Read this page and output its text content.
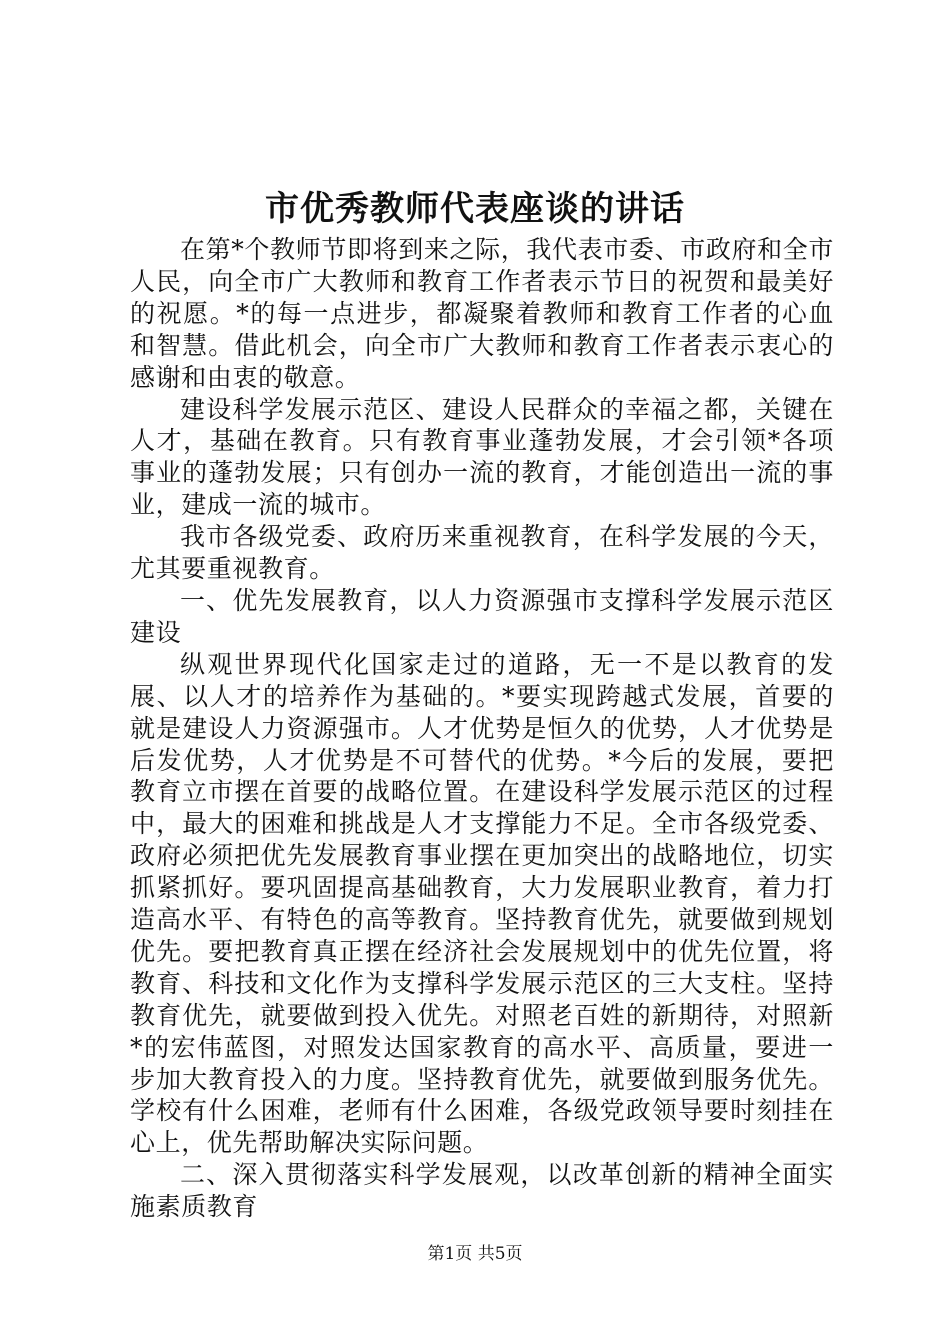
市优秀教师代表座谈的讲话

在第*个教师节即将到来之际，我代表市委、市政府和全市人民，向全市广大教师和教育工作者表示节日的祝贺和最美好的祝愿。*的每一点进步，都凝聚着教师和教育工作者的心血和智慧。借此机会，向全市广大教师和教育工作者表示衷心的感谢和由衷的敬意。

建设科学发展示范区、建设人民群众的幸福之都，关键在人才，基础在教育。只有教育事业蓬勃发展，才会引领*各项事业的蓬勃发展；只有创办一流的教育，才能创造出一流的事业，建成一流的城市。

我市各级党委、政府历来重视教育，在科学发展的今天，尤其要重视教育。

一、优先发展教育，以人力资源强市支撑科学发展示范区建设

纵观世界现代化国家走过的道路，无一不是以教育的发展、以人才的培养作为基础的。*要实现跨越式发展，首要的就是建设人力资源强市。人才优势是恒久的优势，人才优势是后发优势，人才优势是不可替代的优势。*今后的发展，要把教育立市摆在首要的战略位置。在建设科学发展示范区的过程中，最大的困难和挑战是人才支撑能力不足。全市各级党委、政府必须把优先发展教育事业摆在更加突出的战略地位，切实抓紧抓好。要巩固提高基础教育，大力发展职业教育，着力打造高水平、有特色的高等教育。坚持教育优先，就要做到规划优先。要把教育真正摆在经济社会发展规划中的优先位置，将教育、科技和文化作为支撑科学发展示范区的三大支柱。坚持教育优先，就要做到投入优先。对照老百姓的新期待，对照新*的宏伟蓝图，对照发达国家教育的高水平、高质量，要进一步加大教育投入的力度。坚持教育优先，就要做到服务优先。学校有什么困难，老师有什么困难，各级党政领导要时刻挂在心上，优先帮助解决实际问题。

二、深入贯彻落实科学发展观，以改革创新的精神全面实施素质教育

第1页 共5页
